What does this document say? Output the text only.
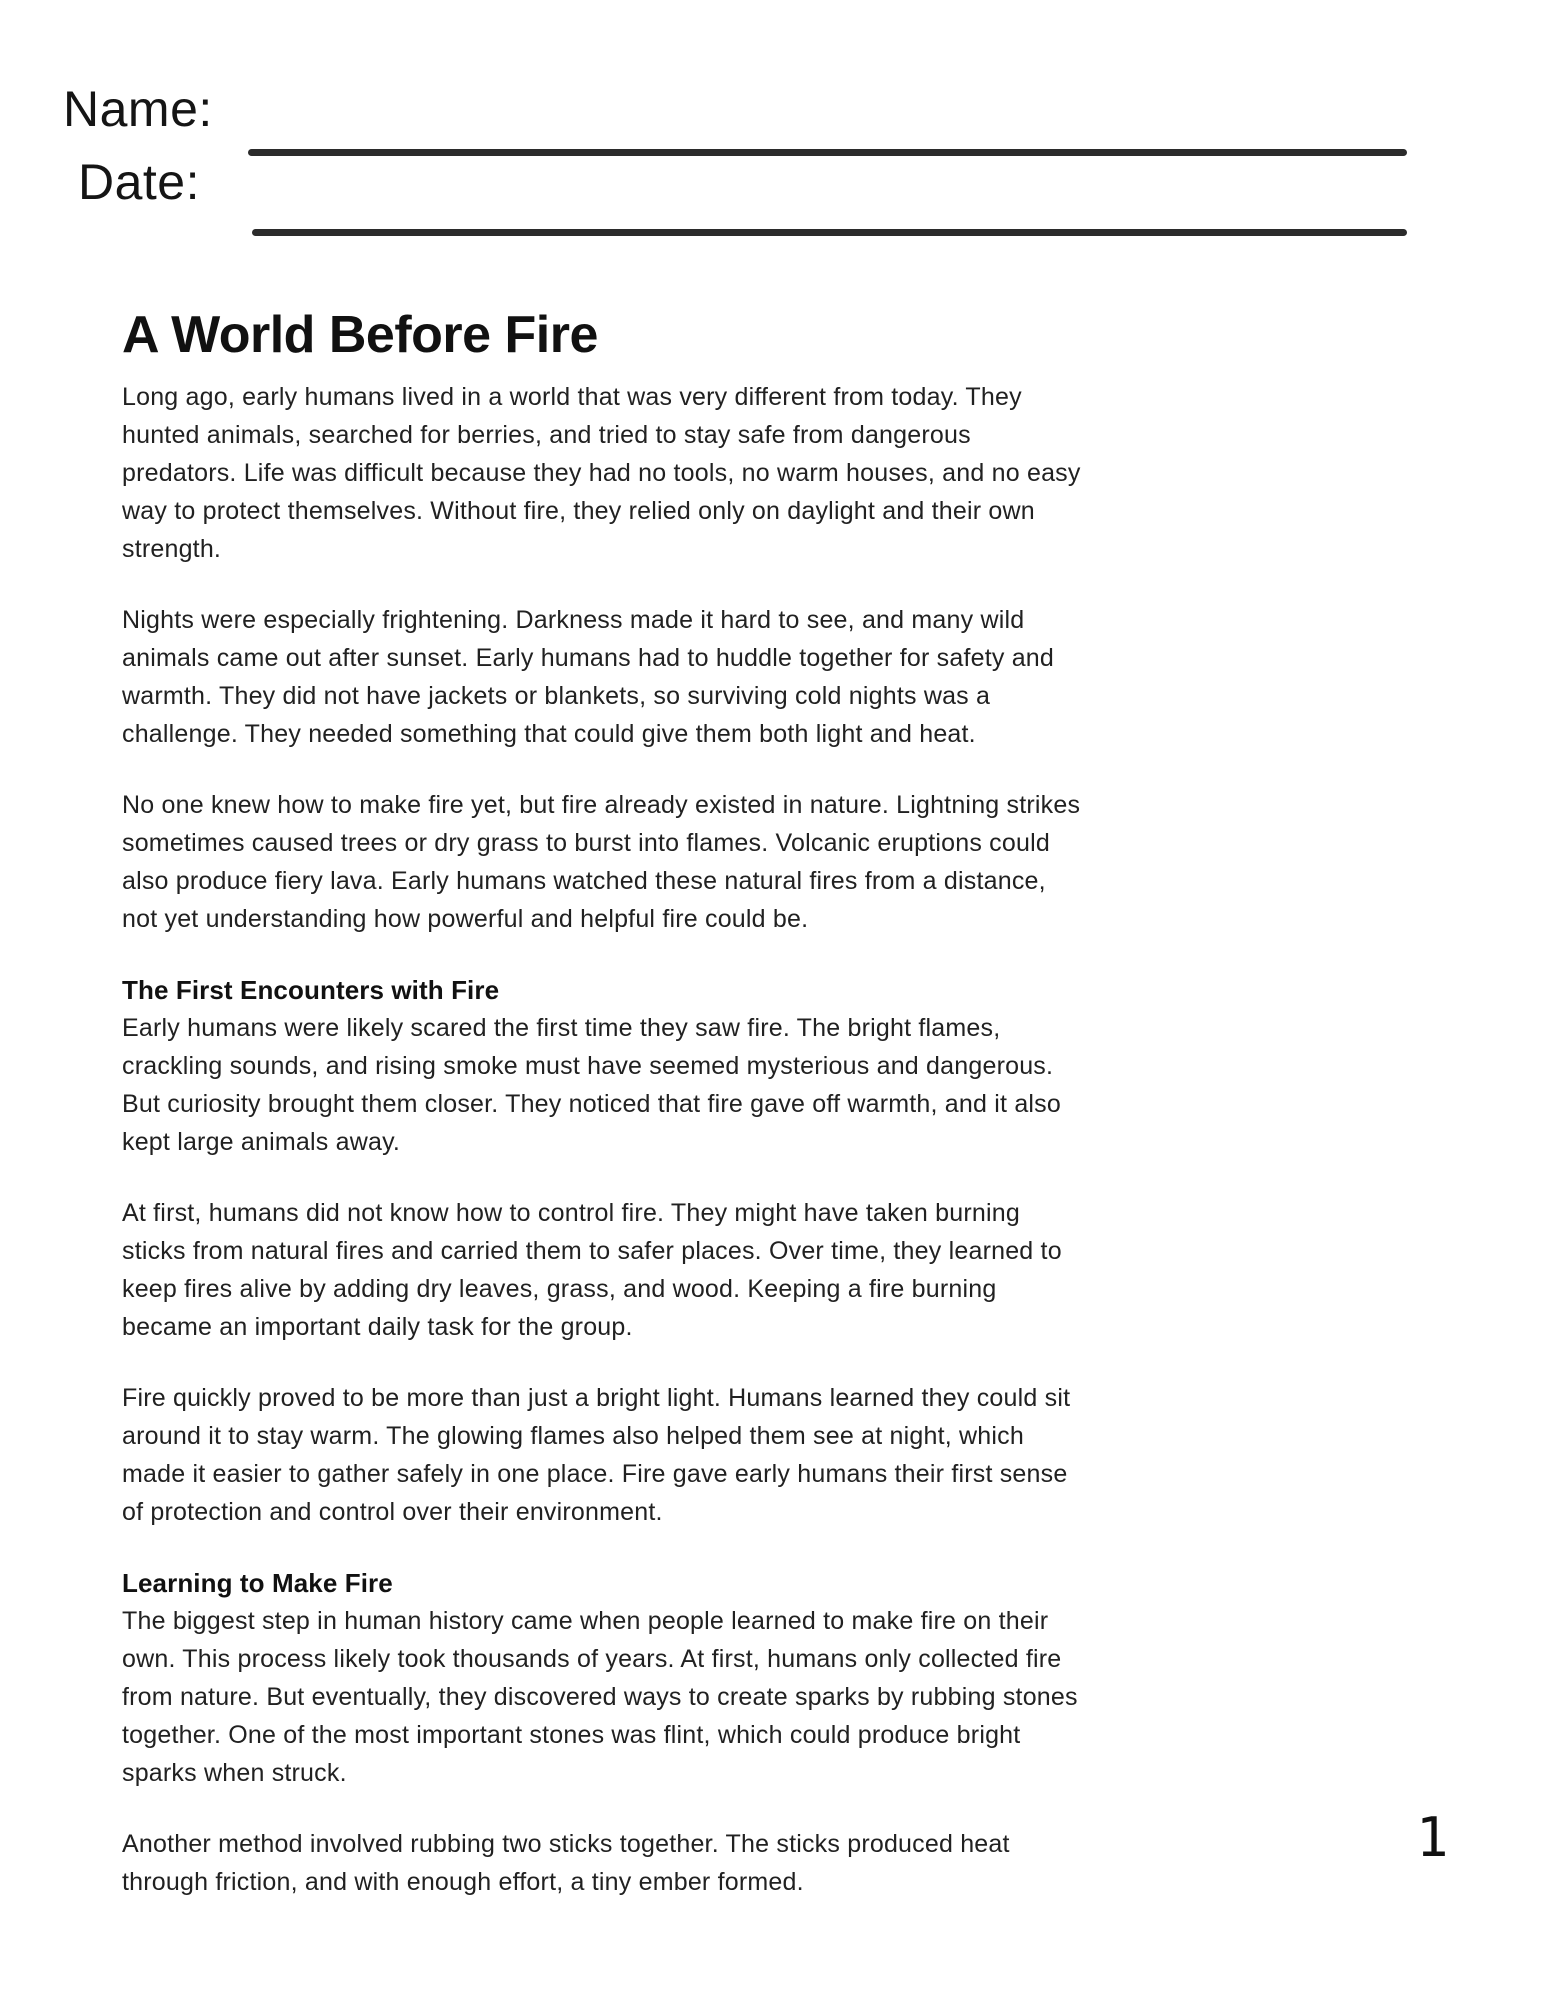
Name:
Date:
A World Before Fire

Long ago, early humans lived in a world that was very different from today. They hunted animals, searched for berries, and tried to stay safe from dangerous predators. Life was difficult because they had no tools, no warm houses, and no easy way to protect themselves. Without fire, they relied only on daylight and their own strength.

Nights were especially frightening. Darkness made it hard to see, and many wild animals came out after sunset. Early humans had to huddle together for safety and warmth. They did not have jackets or blankets, so surviving cold nights was a challenge. They needed something that could give them both light and heat.

No one knew how to make fire yet, but fire already existed in nature. Lightning strikes sometimes caused trees or dry grass to burst into flames. Volcanic eruptions could also produce fiery lava. Early humans watched these natural fires from a distance, not yet understanding how powerful and helpful fire could be.

The First Encounters with Fire

Early humans were likely scared the first time they saw fire. The bright flames, crackling sounds, and rising smoke must have seemed mysterious and dangerous. But curiosity brought them closer. They noticed that fire gave off warmth, and it also kept large animals away.

At first, humans did not know how to control fire. They might have taken burning sticks from natural fires and carried them to safer places. Over time, they learned to keep fires alive by adding dry leaves, grass, and wood. Keeping a fire burning became an important daily task for the group.

Fire quickly proved to be more than just a bright light. Humans learned they could sit around it to stay warm. The glowing flames also helped them see at night, which made it easier to gather safely in one place. Fire gave early humans their first sense of protection and control over their environment.

Learning to Make Fire

The biggest step in human history came when people learned to make fire on their own. This process likely took thousands of years. At first, humans only collected fire from nature. But eventually, they discovered ways to create sparks by rubbing stones together. One of the most important stones was flint, which could produce bright sparks when struck.

Another method involved rubbing two sticks together. The sticks produced heat through friction, and with enough effort, a tiny ember formed.

1
